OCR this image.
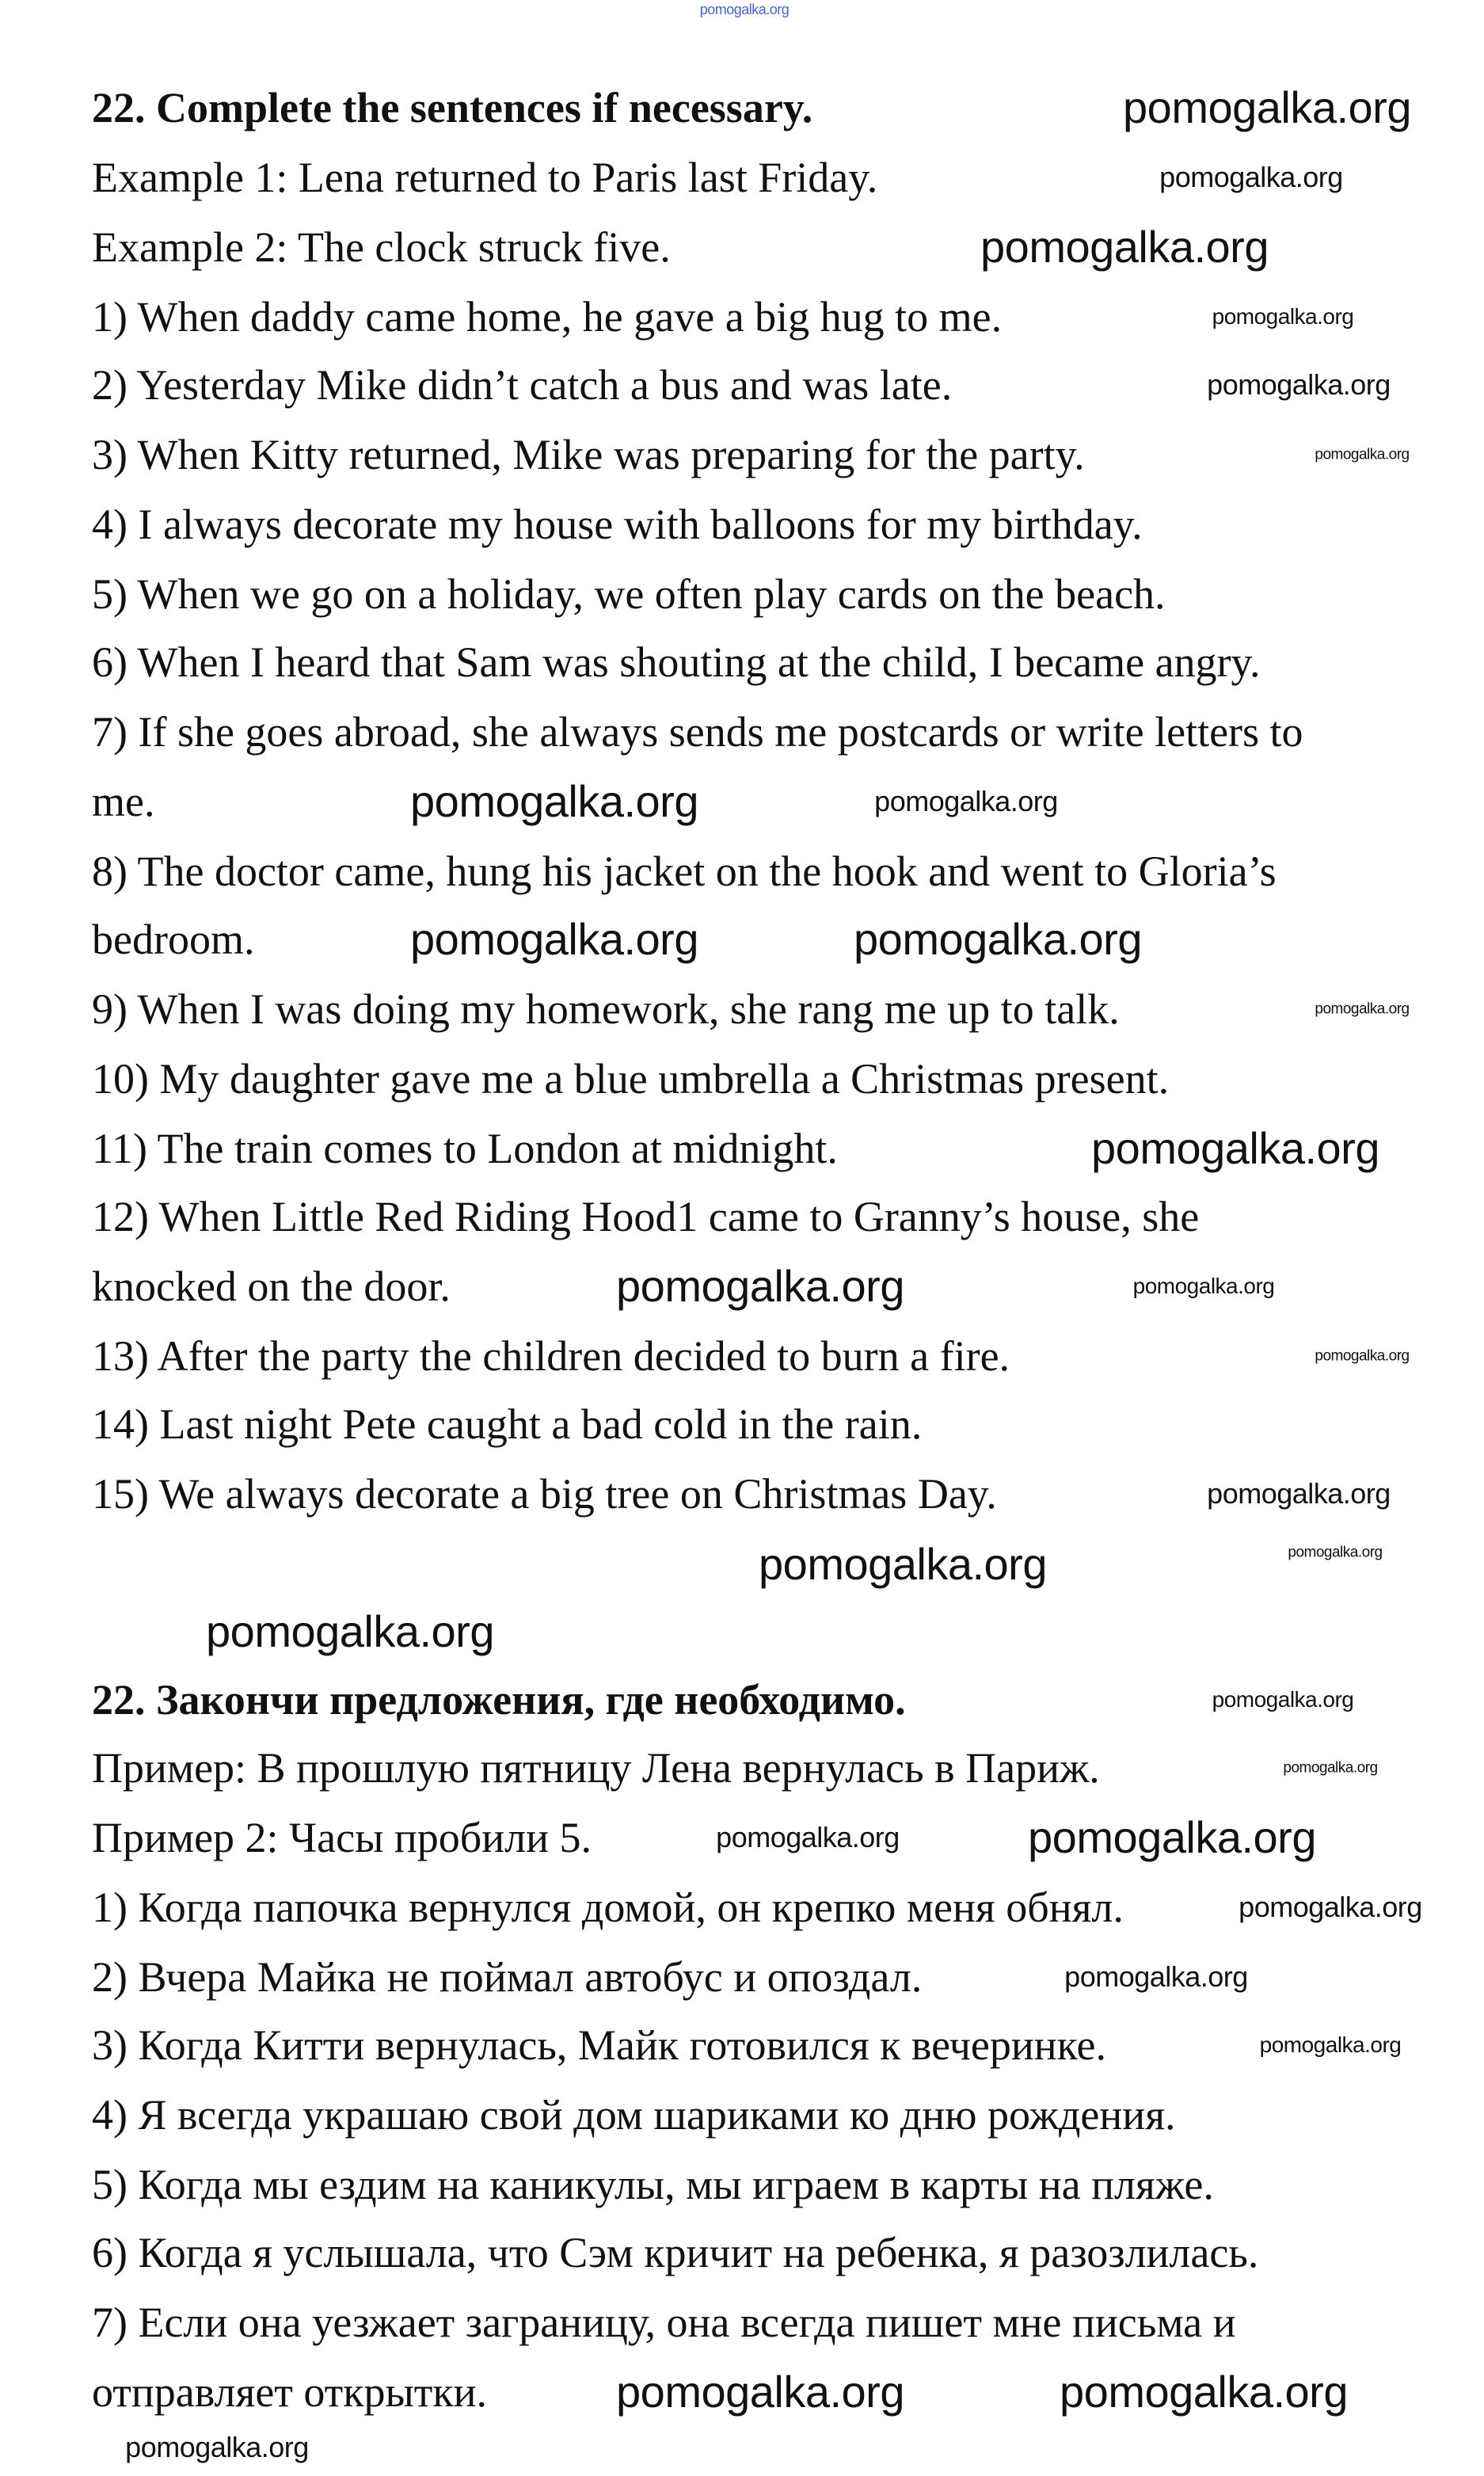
22. Complete the sentences if necessary.
22. Закончи предложения, где необходимо.
Example 1: Lena returned to Paris last Friday.
Example 2: The clock struck five.
1) When daddy came home, he gave a big hug to me.
2) Yesterday Mike didn’t catch a bus and was late.
3) When Kitty returned, Mike was preparing for the party.
4) I always decorate my house with balloons for my birthday.
5) When we go on a holiday, we often play cards on the beach.
6) When I heard that Sam was shouting at the child, I became angry.
7) If she goes abroad, she always sends me postcards or write letters to
me.
8) The doctor came, hung his jacket on the hook and went to Gloria’s
bedroom.
9) When I was doing my homework, she rang me up to talk.
10) My daughter gave me a blue umbrella a Christmas present.
11) The train comes to London at midnight.
12) When Little Red Riding Hood1 came to Granny’s house, she
knocked on the door.
13) After the party the children decided to burn a fire.
14) Last night Pete caught a bad cold in the rain.
15) We always decorate a big tree on Christmas Day.
Пример: В прошлую пятницу Лена вернулась в Париж.
Пример 2: Часы пробили 5.
1) Когда папочка вернулся домой, он крепко меня обнял.
2) Вчера Майка не поймал автобус и опоздал.
3) Когда Китти вернулась, Майк готовился к вечеринке.
4) Я всегда украшаю свой дом шариками ко дню рождения.
5) Когда мы ездим на каникулы, мы играем в карты на пляже.
6) Когда я услышала, что Сэм кричит на ребенка, я разозлилась.
7) Если она уезжает заграницу, она всегда пишет мне письма и
отправляет открытки.
pomogalka.org
pomogalka.org
pomogalka.org
pomogalka.org
pomogalka.org
pomogalka.org
pomogalka.org
pomogalka.org	pomogalka.org
pomogalka.org	pomogalka.org
pomogalka.org
pomogalka.org
pomogalka.org	pomogalka.org
pomogalka.org
pomogalka.org
pomogalka.org
pomogalka.org
pomogalka.org
pomogalka.org
pomogalka.org
pomogalka.org
pomogalka.org
pomogalka.org
pomogalka.org
pomogalka.org
pomogalka.org	pomogalka.org
pomogalka.org
